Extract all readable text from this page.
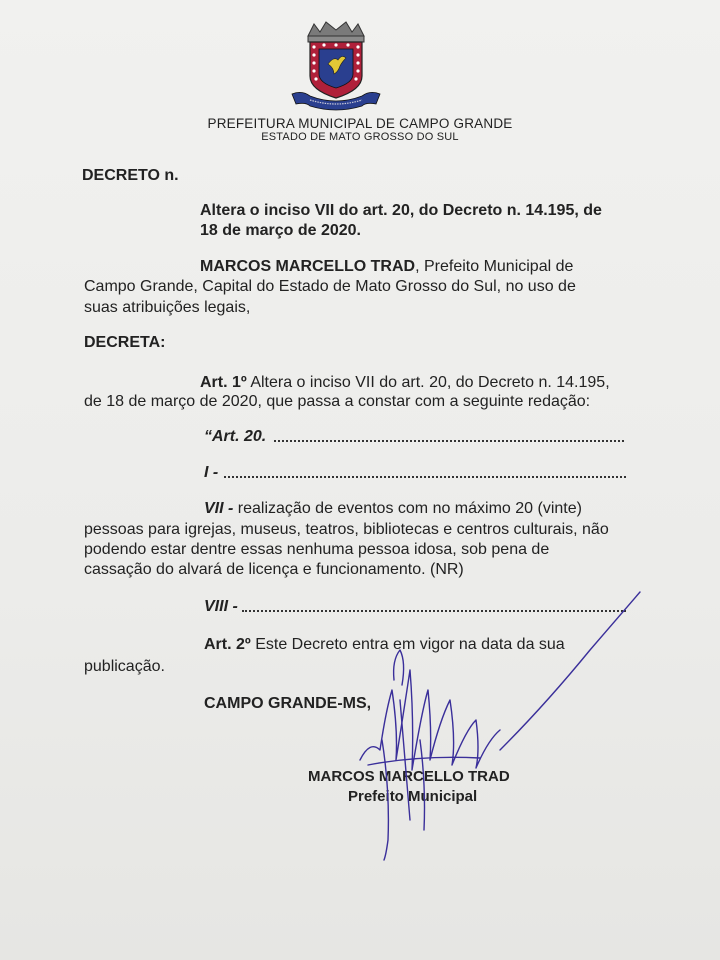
PREFEITURA MUNICIPAL DE CAMPO GRANDE
ESTADO DE MATO GROSSO DO SUL
DECRETO n.
Altera o inciso VII do art. 20, do Decreto n. 14.195, de
18 de março de 2020.
MARCOS MARCELLO TRAD, Prefeito Municipal de
Campo Grande, Capital do Estado de Mato Grosso do Sul, no uso de
suas atribuições legais,
DECRETA:
Art. 1º Altera o inciso VII do art. 20, do Decreto n. 14.195,
de 18 de março de 2020, que passa a constar com a seguinte redação:
“Art. 20.
I -
VII - realização de eventos com no máximo 20 (vinte)
pessoas para igrejas, museus, teatros, bibliotecas e centros culturais, não
podendo estar dentre essas nenhuma pessoa idosa, sob pena de
cassação do alvará de licença e funcionamento. (NR)
VIII -
Art. 2º Este Decreto entra em vigor na data da sua
publicação.
CAMPO GRANDE-MS,
MARCOS MARCELLO TRAD
Prefeito Municipal
